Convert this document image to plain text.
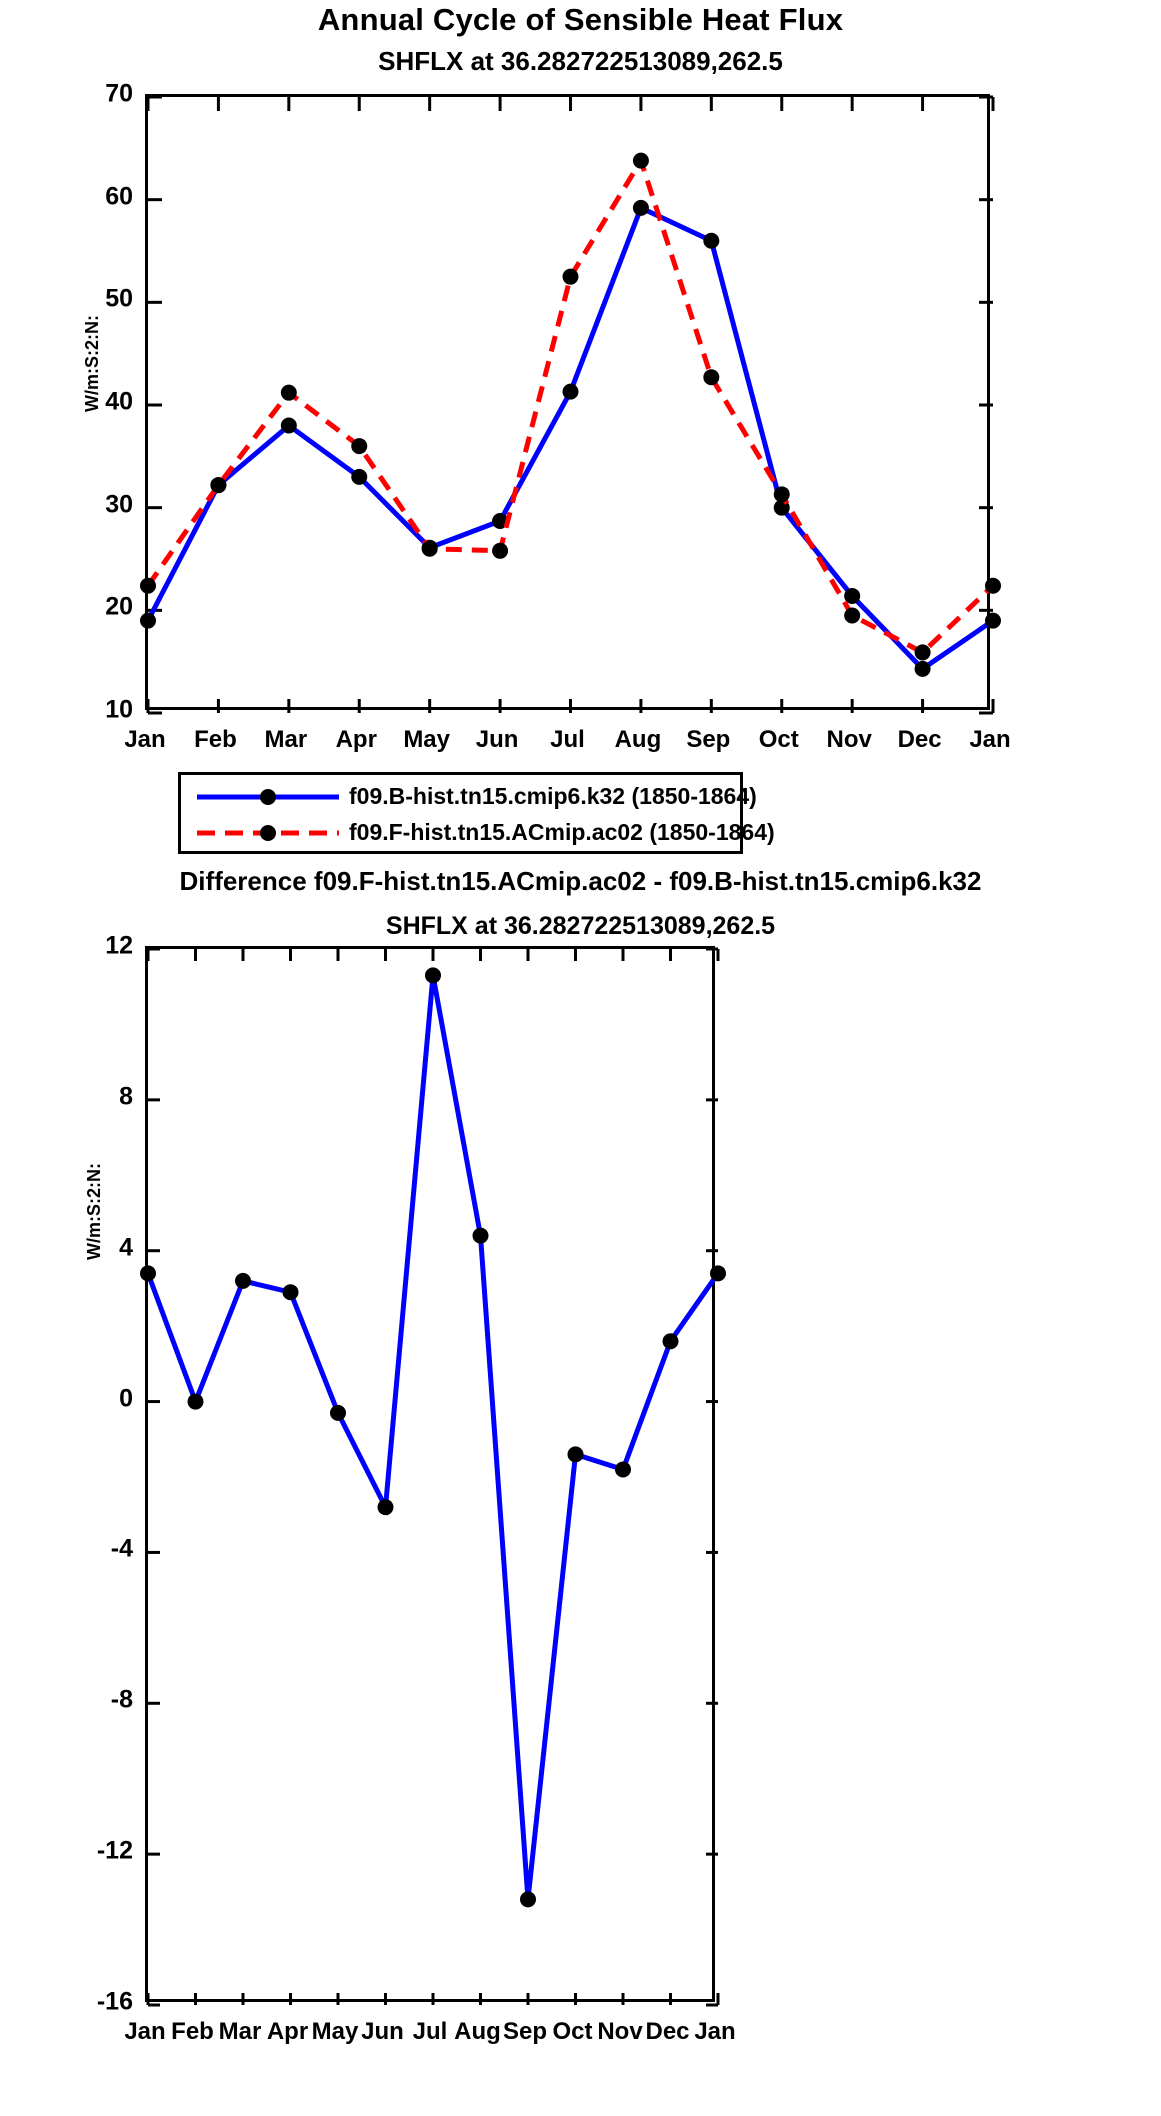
Annual Cycle of Sensible Heat Flux
SHFLX at 36.282722513089,262.5
10
20
30
40
50
60
70
Jan	Feb	Mar	Apr	May	Jun	Jul	Aug	Sep	Oct	Nov	Dec	Jan
W/m:S:2:N:
f09.B-hist.tn15.cmip6.k32 (1850-1864)
f09.F-hist.tn15.ACmip.ac02 (1850-1864)
Difference f09.F-hist.tn15.ACmip.ac02 - f09.B-hist.tn15.cmip6.k32
SHFLX at 36.282722513089,262.5
-16
-12
-8
-4
0
4
8
12
Jan Feb Mar Apr May Jun Jul Aug Sep Oct Nov Dec Jan
W/m:S:2:N:
